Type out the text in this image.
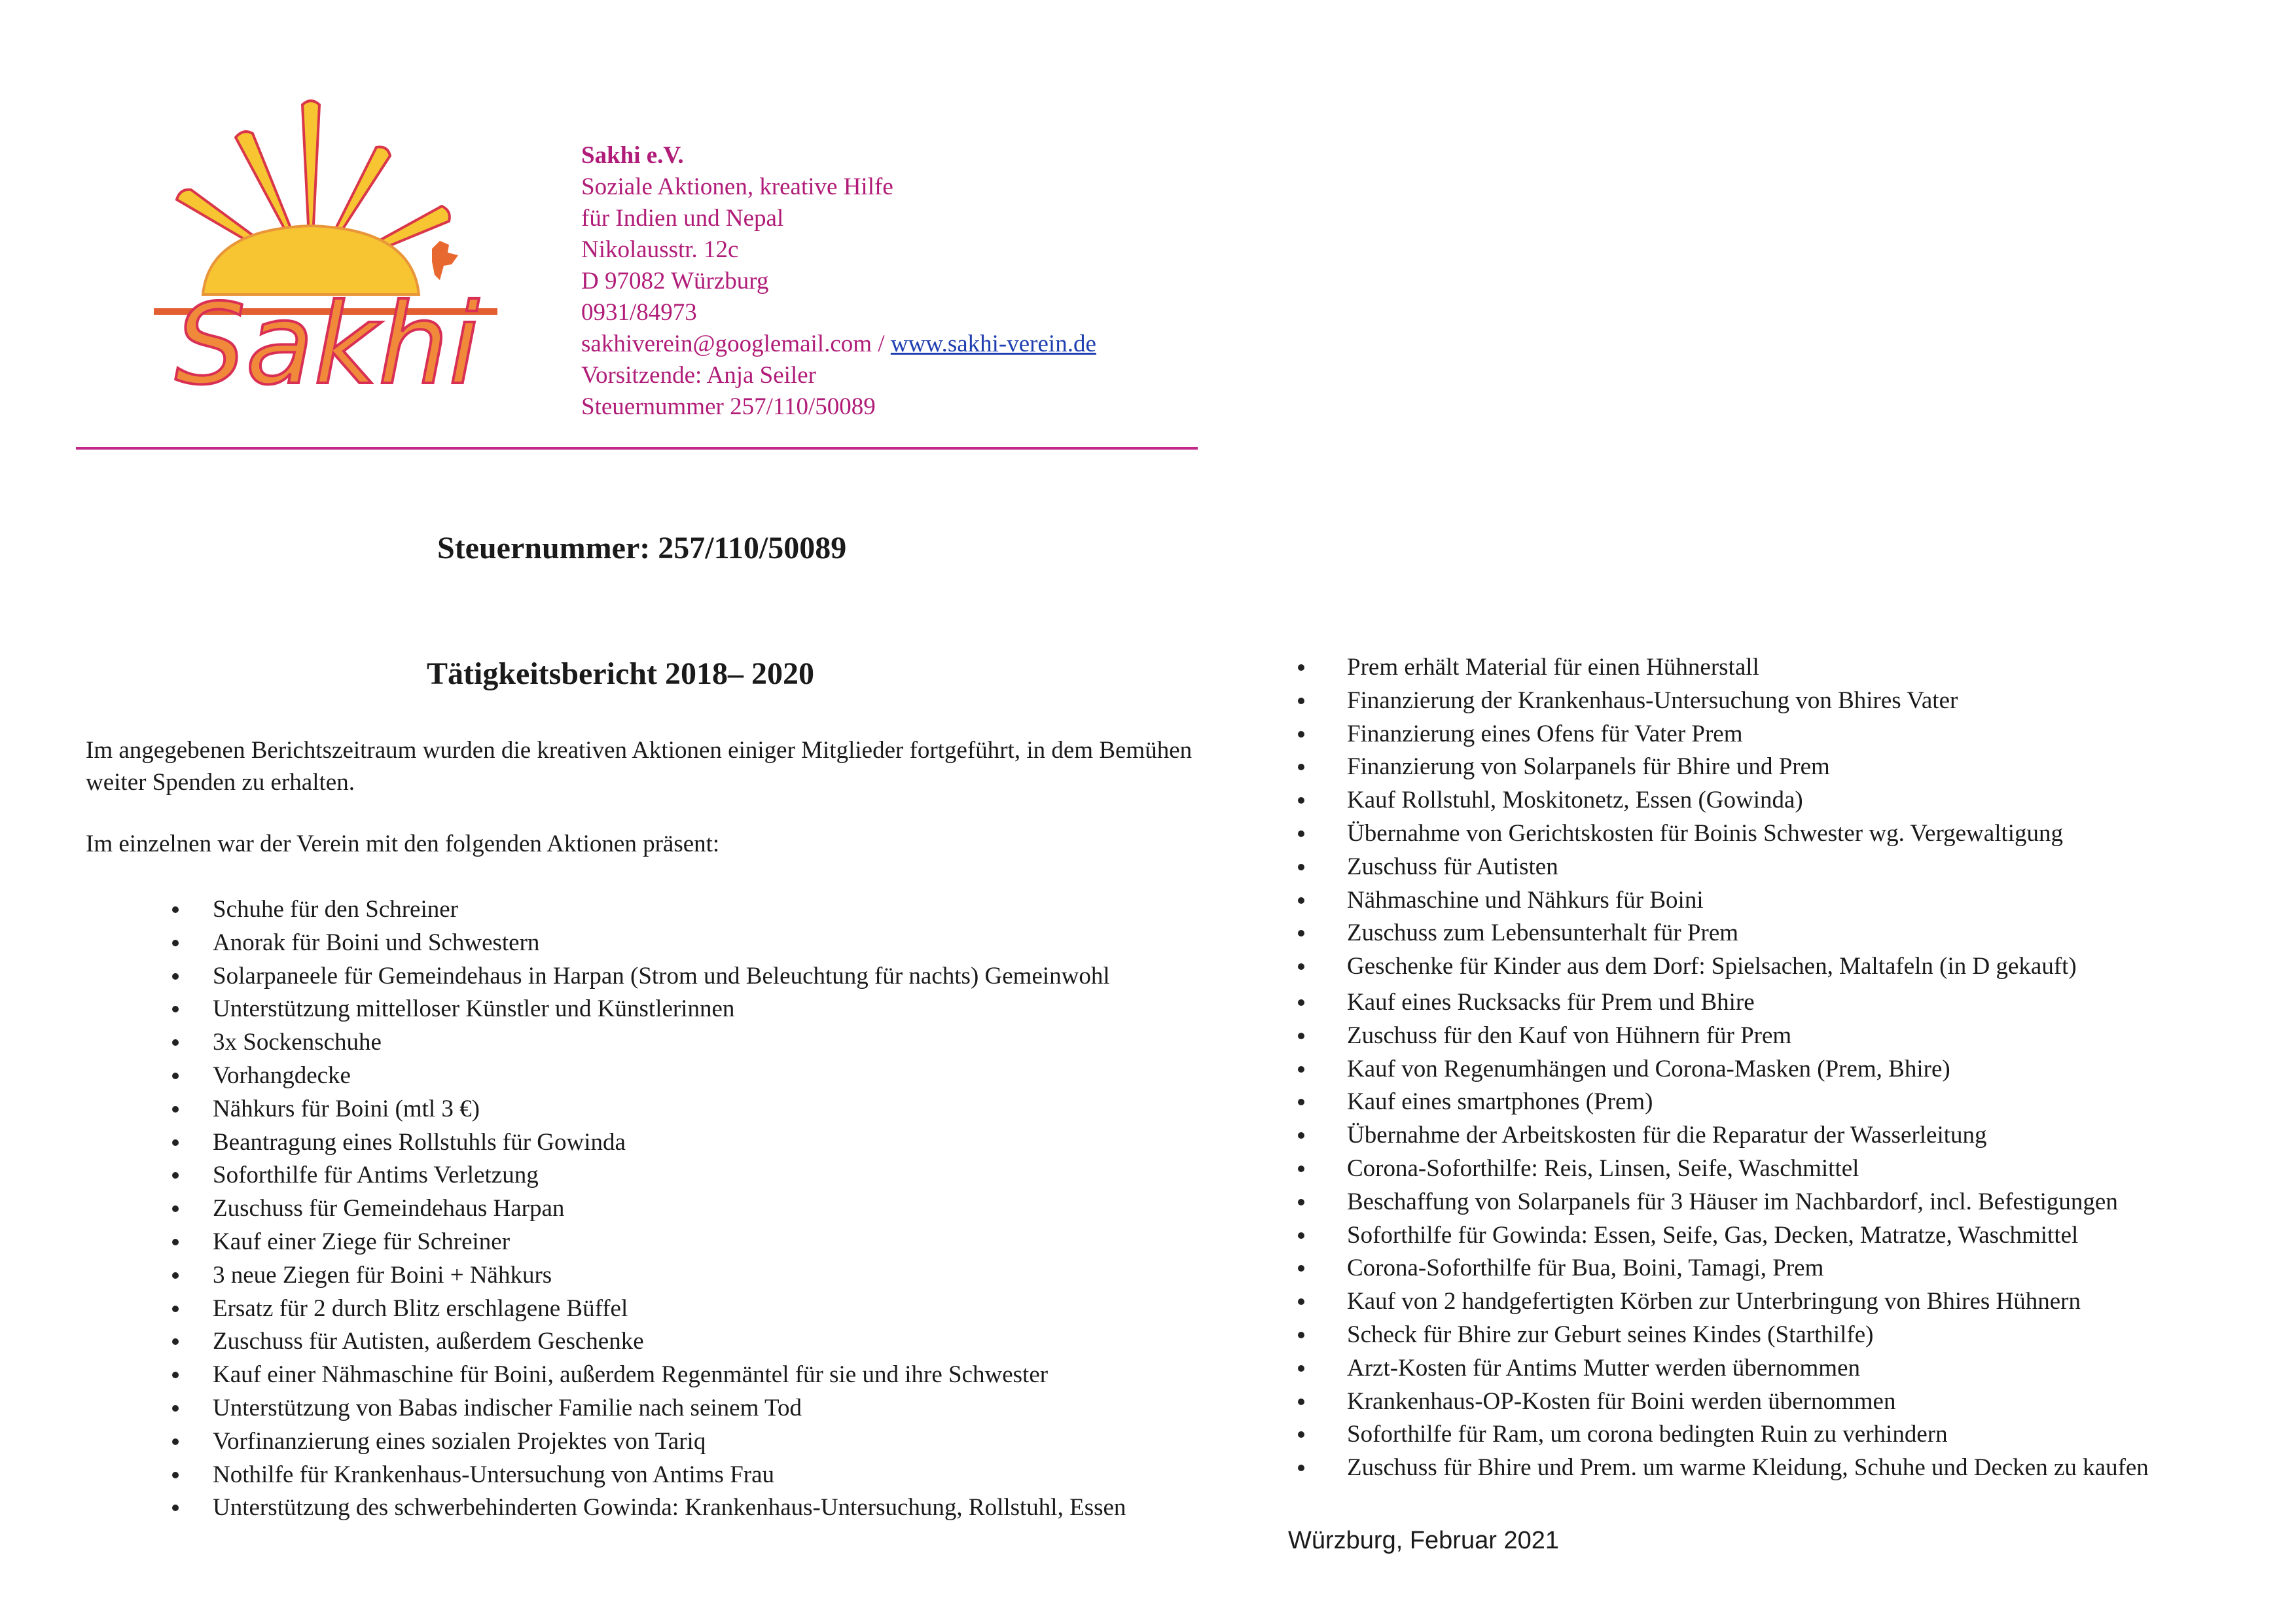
Sakhi
Sakhi e.V.
Soziale Aktionen, kreative Hilfe
für Indien und Nepal
Nikolausstr. 12c
D 97082 Würzburg
0931/84973
sakhiverein@googlemail.com / www.sakhi-verein.de
Vorsitzende: Anja Seiler
Steuernummer 257/110/50089
Steuernummer: 257/110/50089
Tätigkeitsbericht 2018– 2020
Im angegebenen Berichtszeitraum wurden die kreativen Aktionen einiger Mitglieder fortgeführt, in dem Bemühen weiter Spenden zu erhalten.
Im einzelnen war der Verein mit den folgenden Aktionen präsent:
Schuhe für den Schreiner
Anorak für Boini und Schwestern
Solarpaneele für Gemeindehaus in Harpan (Strom und Beleuchtung für nachts) Gemeinwohl
Unterstützung mittelloser Künstler und Künstlerinnen
3x Sockenschuhe
Vorhangdecke
Nähkurs für Boini (mtl 3 €)
Beantragung eines Rollstuhls für Gowinda
Soforthilfe für Antims Verletzung
Zuschuss für Gemeindehaus Harpan
Kauf einer Ziege für Schreiner
3 neue Ziegen für Boini + Nähkurs
Ersatz für 2 durch Blitz erschlagene Büffel
Zuschuss für Autisten, außerdem Geschenke
Kauf einer Nähmaschine für Boini, außerdem Regenmäntel für sie und ihre Schwester
Unterstützung von Babas indischer Familie nach seinem Tod
Vorfinanzierung eines sozialen Projektes von Tariq
Nothilfe für Krankenhaus-Untersuchung von Antims Frau
Unterstützung des schwerbehinderten Gowinda: Krankenhaus-Untersuchung, Rollstuhl, Essen
Prem erhält Material für einen Hühnerstall
Finanzierung der Krankenhaus-Untersuchung von Bhires Vater
Finanzierung eines Ofens für Vater Prem
Finanzierung von Solarpanels für Bhire und Prem
Kauf Rollstuhl, Moskitonetz, Essen (Gowinda)
Übernahme von Gerichtskosten für Boinis Schwester wg. Vergewaltigung
Zuschuss für Autisten
Nähmaschine und Nähkurs für Boini
Zuschuss zum Lebensunterhalt für Prem
Geschenke für Kinder aus dem Dorf: Spielsachen, Maltafeln (in D gekauft)
Kauf eines Rucksacks für Prem und Bhire
Zuschuss für den Kauf von Hühnern für Prem
Kauf von Regenumhängen und Corona-Masken (Prem, Bhire)
Kauf eines smartphones (Prem)
Übernahme der Arbeitskosten für die Reparatur der Wasserleitung
Corona-Soforthilfe: Reis, Linsen, Seife, Waschmittel
Beschaffung von Solarpanels für 3 Häuser im Nachbardorf, incl. Befestigungen
Soforthilfe für Gowinda: Essen, Seife, Gas, Decken, Matratze, Waschmittel
Corona-Soforthilfe für Bua, Boini, Tamagi, Prem
Kauf von 2 handgefertigten Körben zur Unterbringung von Bhires Hühnern
Scheck für Bhire zur Geburt seines Kindes (Starthilfe)
Arzt-Kosten für Antims Mutter werden übernommen
Krankenhaus-OP-Kosten für Boini werden übernommen
Soforthilfe für Ram, um corona bedingten Ruin zu verhindern
Zuschuss für Bhire und Prem. um warme Kleidung, Schuhe und Decken zu kaufen
Würzburg, Februar 2021
